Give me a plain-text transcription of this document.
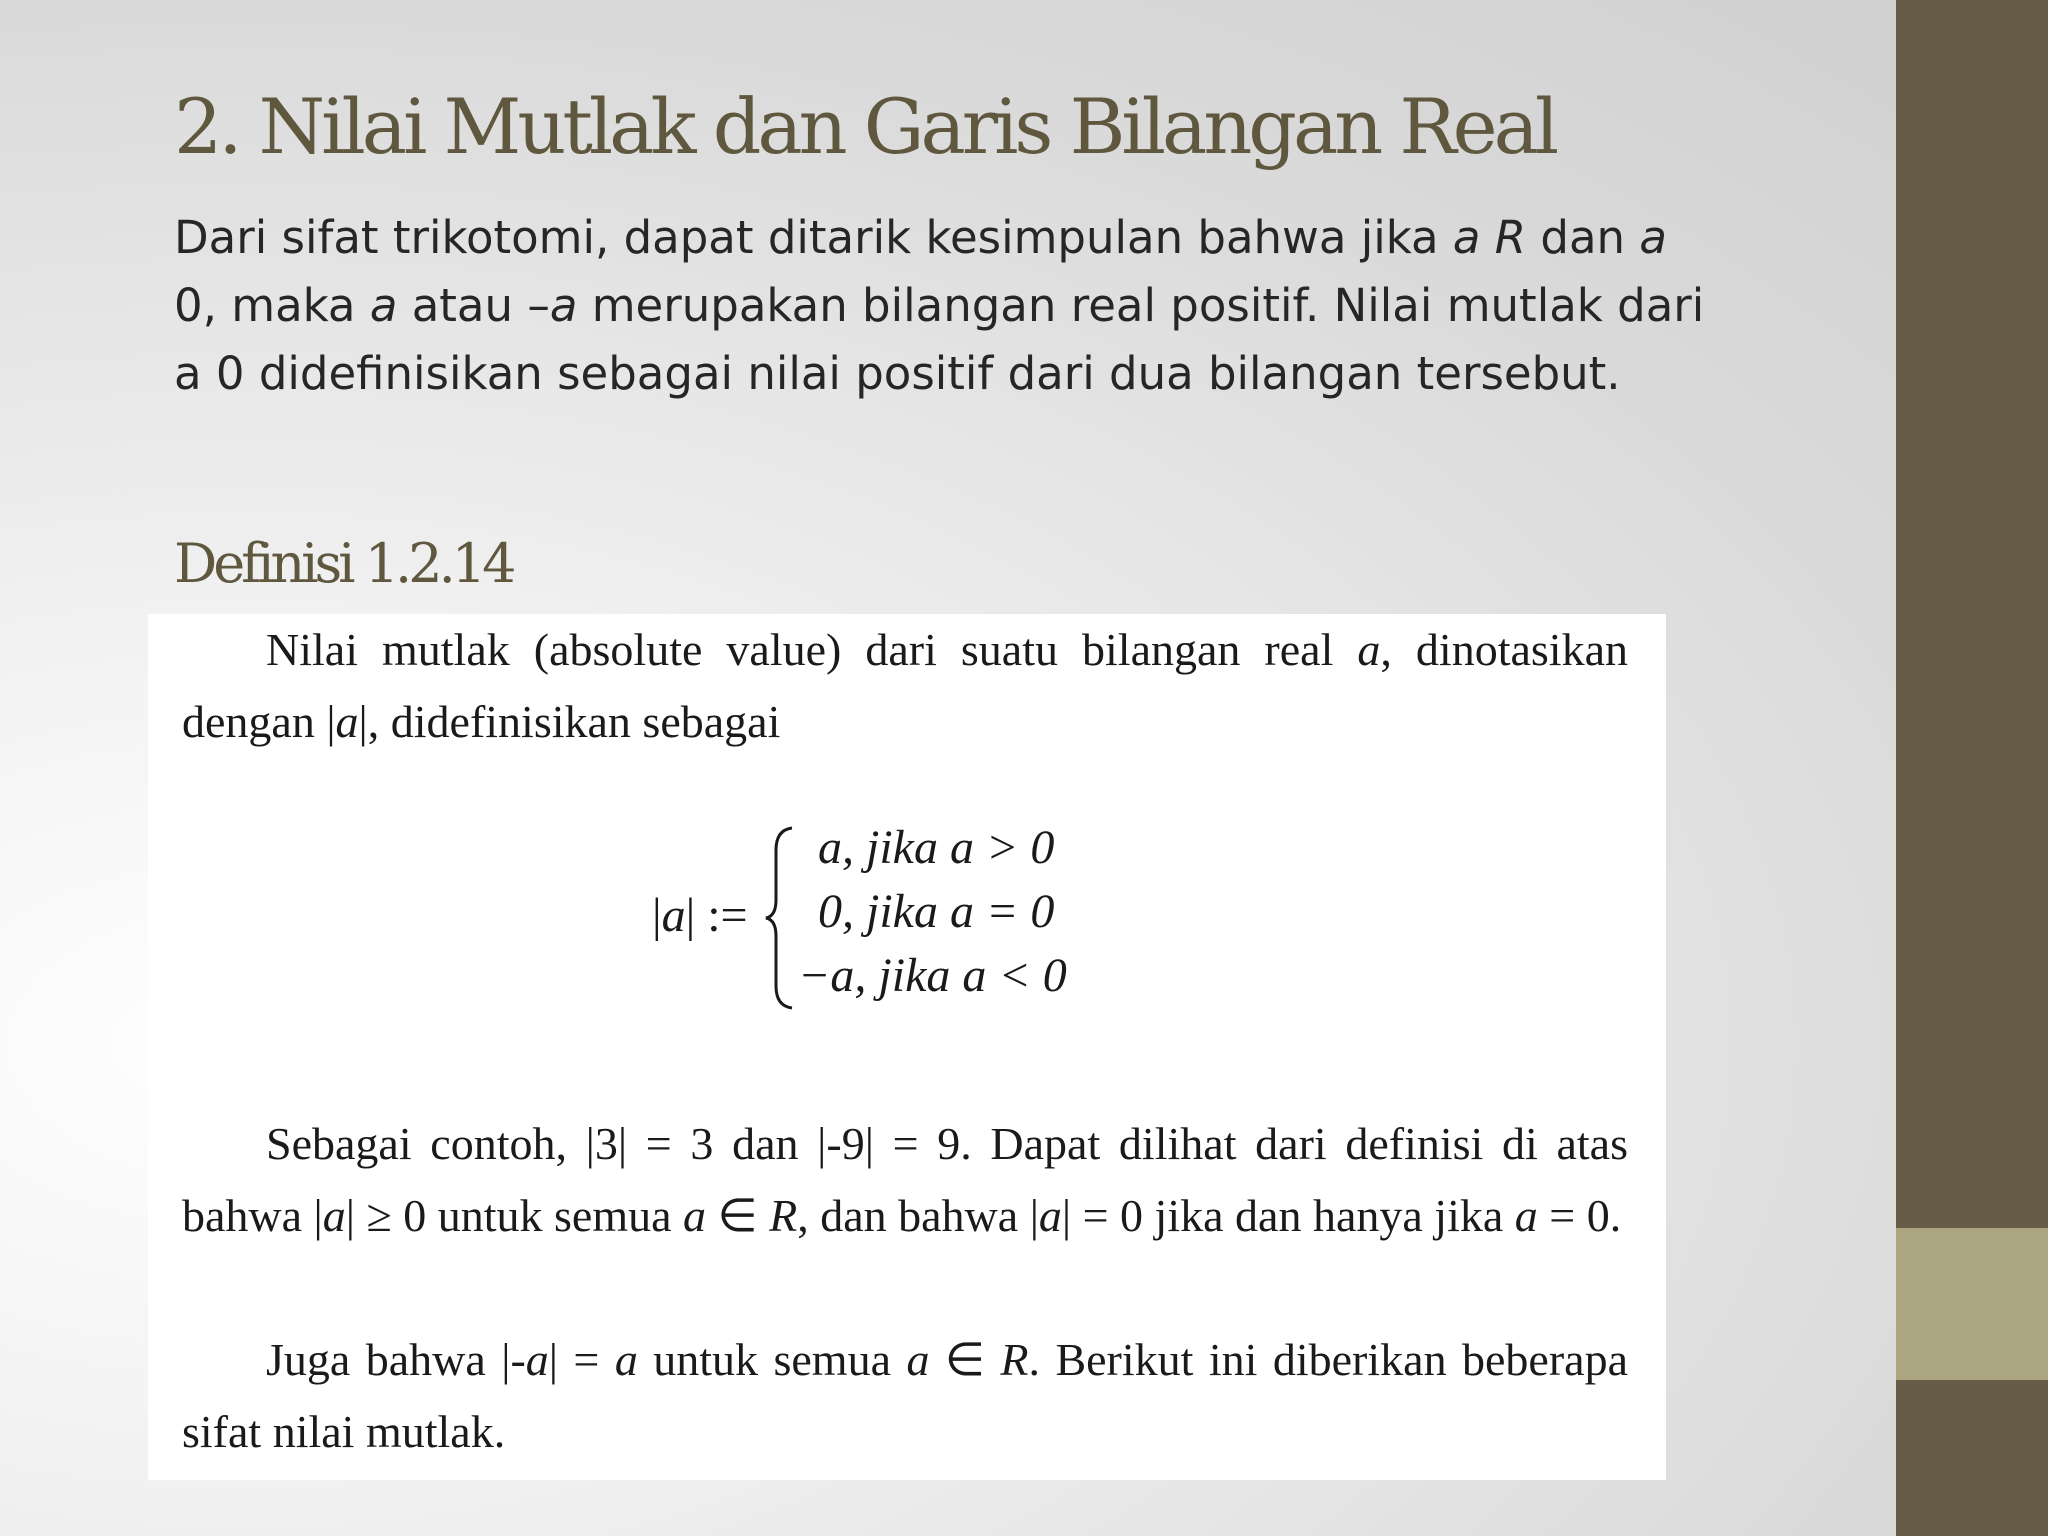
2. Nilai Mutlak dan Garis Bilangan Real

Dari sifat trikotomi, dapat ditarik kesimpulan bahwa jika a R dan a 0, maka a atau –a merupakan bilangan real positif. Nilai mutlak dari a 0 didefinisikan sebagai nilai positif dari dua bilangan tersebut.

Definisi 1.2.14

Nilai mutlak (absolute value) dari suatu bilangan real a, dinotasikan dengan |a|, didefinisikan sebagai

|a| :=
a, jika a > 0
0, jika a = 0
−a, jika a < 0

Sebagai contoh, |3| = 3 dan |-9| = 9. Dapat dilihat dari definisi di atas bahwa |a| ≥ 0 untuk semua a ∈ R, dan bahwa |a| = 0 jika dan hanya jika a = 0.

Juga bahwa |-a| = a untuk semua a ∈ R. Berikut ini diberikan beberapa sifat nilai mutlak.
